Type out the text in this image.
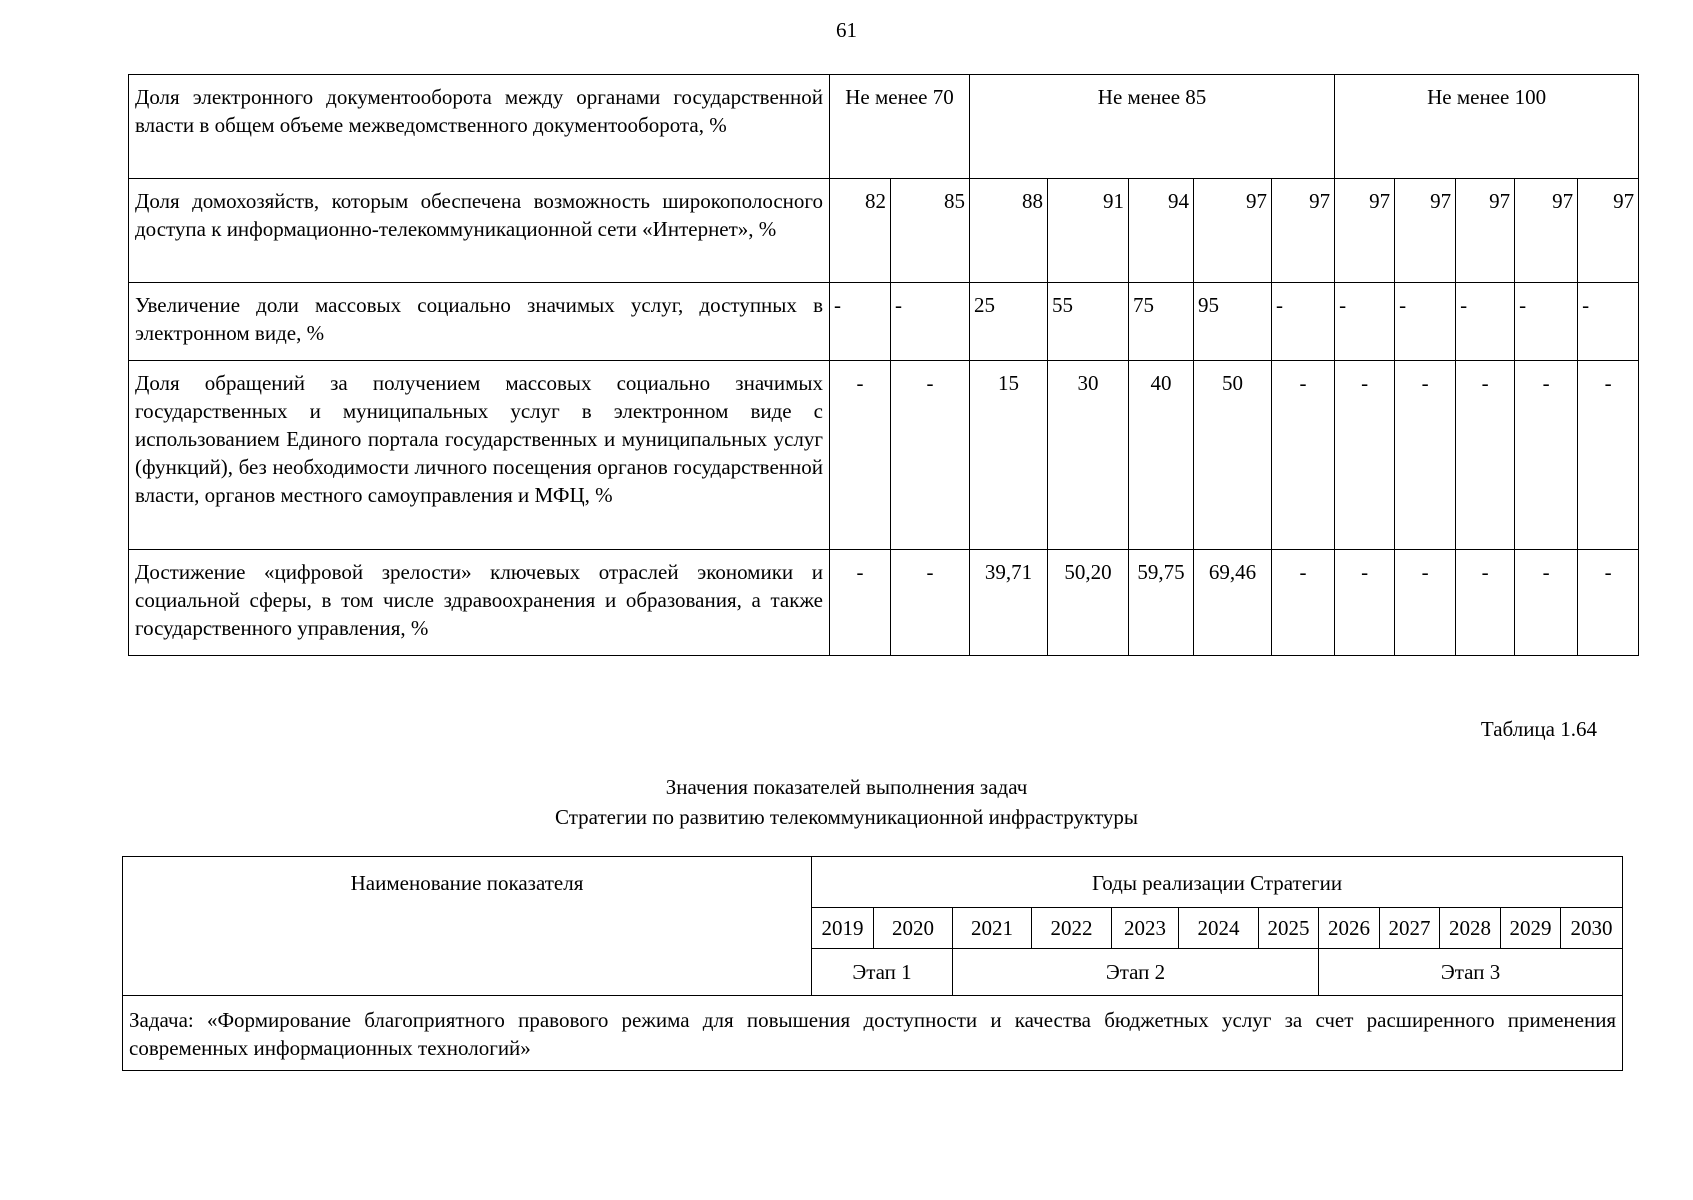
61
Доля электронного документооборота между органами государственной власти в общем объеме межведомственного документооборота, %	Не менее 70		Не менее 85					Не менее 100				
Доля домохозяйств, которым обеспечена возможность широкополосного доступа к информационно-телекоммуникационной сети «Интернет», %	82	85	88	91	94	97	97	97	97	97	97	97
Увеличение доли массовых социально значимых услуг, доступных в электронном виде, %	-	-	25	55	75	95	-	-	-	-	-	-
Доля обращений за получением массовых социально значимых государственных и муниципальных услуг в электронном виде с использованием Единого портала государственных и муниципальных услуг (функций), без необходимости личного посещения органов государственной власти, органов местного самоуправления и МФЦ, %	-	-	15	30	40	50	-	-	-	-	-	-
Достижение «цифровой зрелости» ключевых отраслей экономики и социальной сферы, в том числе здравоохранения и образования, а также государственного управления, %	-	-	39,71	50,20	59,75	69,46	-	-	-	-	-	-
Таблица 1.64
Значения показателей выполнения задач
Стратегии по развитию телекоммуникационной инфраструктуры
Наименование показателя	Годы реализации Стратегии											
	2019	2020	2021	2022	2023	2024	2025	2026	2027	2028	2029	2030
	Этап 1		Этап 2					Этап 3				
Задача: «Формирование благоприятного правового режима для повышения доступности и качества бюджетных услуг за счет расширенного применения современных информационных технологий»												
